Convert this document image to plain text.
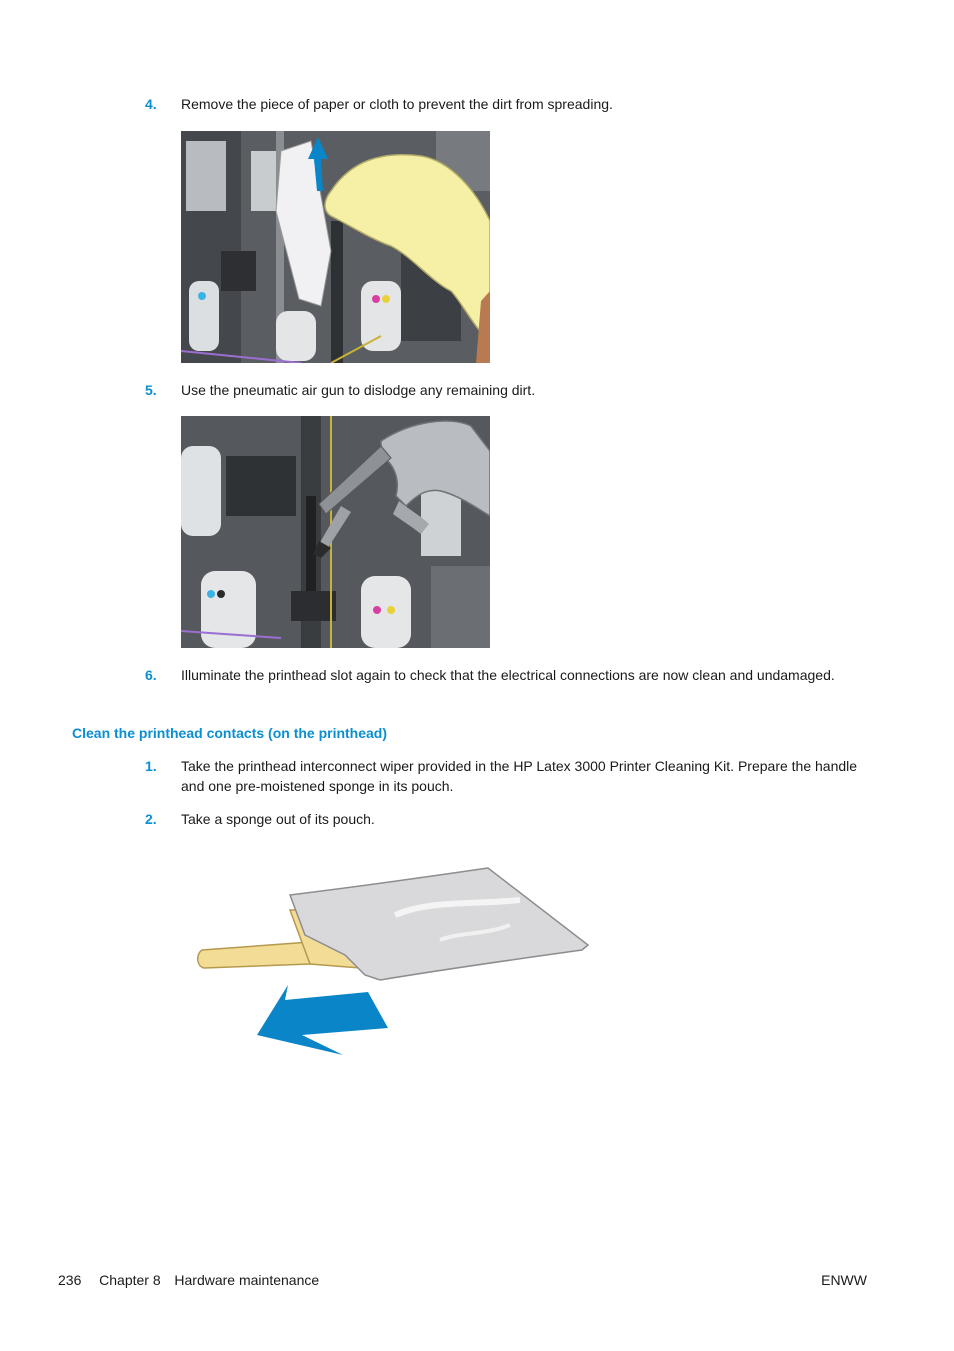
4. Remove the piece of paper or cloth to prevent the dirt from spreading.
5. Use the pneumatic air gun to dislodge any remaining dirt.
6. Illuminate the printhead slot again to check that the electrical connections are now clean and undamaged.
Clean the printhead contacts (on the printhead)
1. Take the printhead interconnect wiper provided in the HP Latex 3000 Printer Cleaning Kit. Prepare the handle and one pre-moistened sponge in its pouch.
2. Take a sponge out of its pouch.
236 Chapter 8 Hardware maintenance	ENWW
